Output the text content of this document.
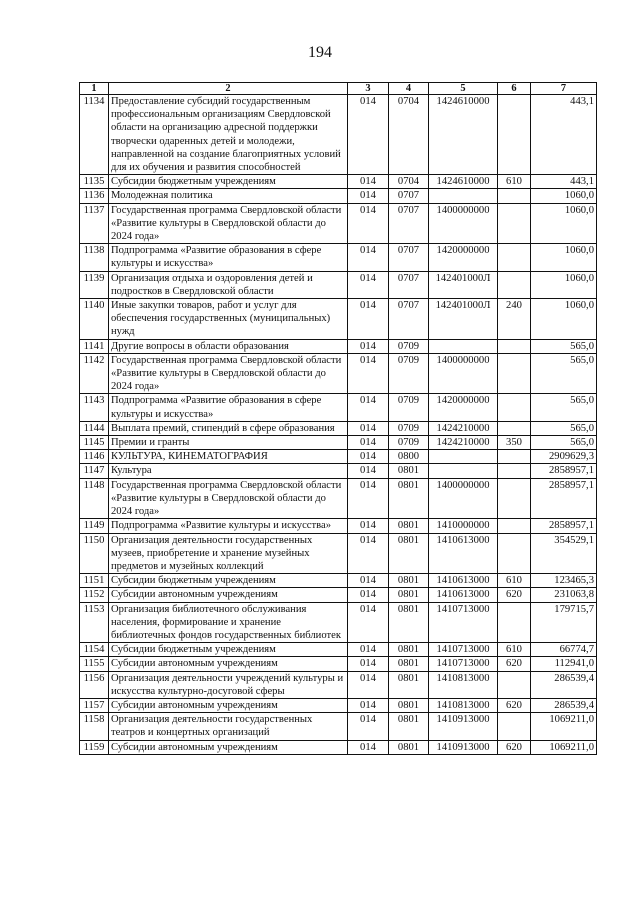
194
1	2	3	4	5	6	7
1134	Предоставление субсидий государственным профессиональным организациям Свердловской области на организацию адресной поддержки творчески одаренных детей и молодежи, направленной на создание благоприятных условий для их обучения и развития способностей	014	0704	1424610000		443,1
1135	Субсидии бюджетным учреждениям	014	0704	1424610000	610	443,1
1136	Молодежная политика	014	0707			1060,0
1137	Государственная программа Свердловской области «Развитие культуры в Свердловской области до 2024 года»	014	0707	1400000000		1060,0
1138	Подпрограмма «Развитие образования в сфере культуры и искусства»	014	0707	1420000000		1060,0
1139	Организация отдыха и оздоровления детей и подростков в Свердловской области	014	0707	142401000Л		1060,0
1140	Иные закупки товаров, работ и услуг для обеспечения государственных (муниципальных) нужд	014	0707	142401000Л	240	1060,0
1141	Другие вопросы в области образования	014	0709			565,0
1142	Государственная программа Свердловской области «Развитие культуры в Свердловской области до 2024 года»	014	0709	1400000000		565,0
1143	Подпрограмма «Развитие образования в сфере культуры и искусства»	014	0709	1420000000		565,0
1144	Выплата премий, стипендий в сфере образования	014	0709	1424210000		565,0
1145	Премии и гранты	014	0709	1424210000	350	565,0
1146	КУЛЬТУРА, КИНЕМАТОГРАФИЯ	014	0800			2909629,3
1147	Культура	014	0801			2858957,1
1148	Государственная программа Свердловской области «Развитие культуры в Свердловской области до 2024 года»	014	0801	1400000000		2858957,1
1149	Подпрограмма «Развитие культуры и искусства»	014	0801	1410000000		2858957,1
1150	Организация деятельности государственных музеев, приобретение и хранение музейных предметов и музейных коллекций	014	0801	1410613000		354529,1
1151	Субсидии бюджетным учреждениям	014	0801	1410613000	610	123465,3
1152	Субсидии автономным учреждениям	014	0801	1410613000	620	231063,8
1153	Организация библиотечного обслуживания населения, формирование и хранение библиотечных фондов государственных библиотек	014	0801	1410713000		179715,7
1154	Субсидии бюджетным учреждениям	014	0801	1410713000	610	66774,7
1155	Субсидии автономным учреждениям	014	0801	1410713000	620	112941,0
1156	Организация деятельности учреждений культуры и искусства культурно-досуговой сферы	014	0801	1410813000		286539,4
1157	Субсидии автономным учреждениям	014	0801	1410813000	620	286539,4
1158	Организация деятельности государственных театров и концертных организаций	014	0801	1410913000		1069211,0
1159	Субсидии автономным учреждениям	014	0801	1410913000	620	1069211,0
